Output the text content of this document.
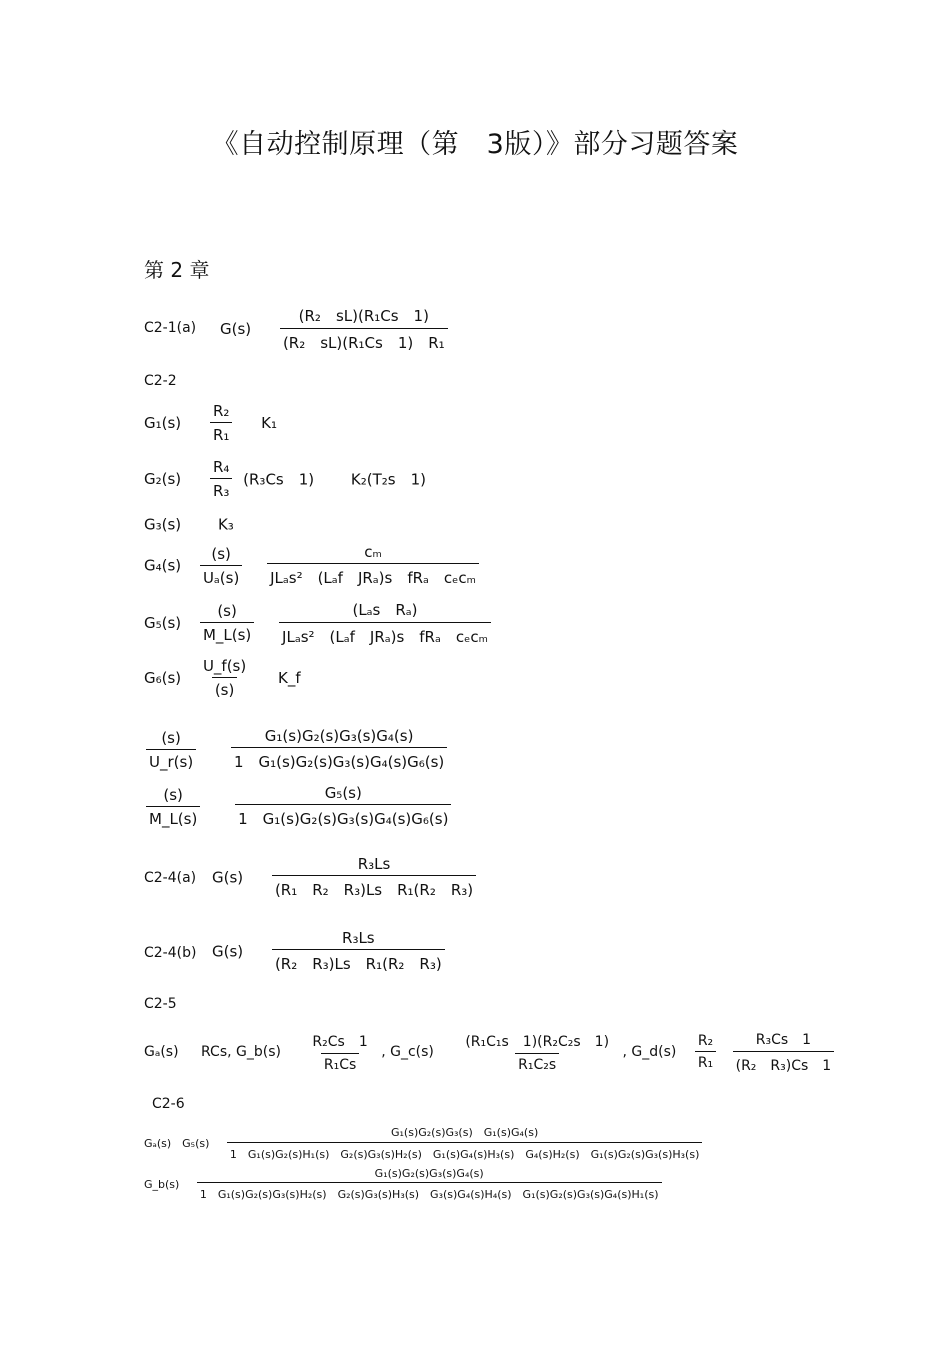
《自动控制原理（第　3版）》部分习题答案
第 2 章
C2-1(a) $G(s) \frac{\text{(R₂　sL)(R₁Cs　1)}}{\text{(R₂　sL)(R₁Cs　1)　R₁}}$
C2-2
$G_1(s) \frac{\text{R₂}}{\text{R₁}} K_1$
$G_2(s) \frac{\text{R₄}}{\text{R₃}} (R_3Cs$　1) K₂(T₂s　1)
G₃(s) K₃
$G_4(s) \frac{(s)}{\text{Uₐ(s)}}$
$\frac{\text{cₘ}}{\text{JLₐs²　(Lₐf　JRₐ)s　fRₐ　cₑcₘ}}$
$G_5(s) \frac{(s)}{M\_L(s)}$
$\frac{\text{(Lₐs　Rₐ)}}{\text{JLₐs²　(Lₐf　JRₐ)s　fRₐ　cₑcₘ}}$
$G_6(s) \frac{U\_f(s)}{(s)}$ K_f
$\frac{(s)}{U\_r(s)}$
$\frac{\text{G₁(s)G₂(s)G₃(s)G₄(s)}}{\text{1　G₁(s)G₂(s)G₃(s)G₄(s)G₆(s)}}$
$\frac{(s)}{M\_L(s)}$
$\frac{\text{G₅(s)}}{\text{1　G₁(s)G₂(s)G₃(s)G₄(s)G₆(s)}}$
C2-4(a) $G(s) \frac{\text{R₃Ls}}{\text{(R₁　R₂　R₃)Ls　R₁(R₂　R₃)}}$
C2-4(b) $G(s) \frac{\text{R₃Ls}}{\text{(R₂　R₃)Ls　R₁(R₂　R₃)}}$
C2-5
Gₐ(s) RCs, G_b(s) $\frac{\text{R₂Cs　1}}{\text{R₁Cs}}$ , G_c(s) $\frac{\text{(R₁C₁s　1)(R₂C₂s　1)}}{\text{R₁C₂s}}$ , G_d(s) $\frac{\text{R₂}}{\text{R₁}}$
$\frac{\text{R₃Cs　1}}{\text{(R₂　R₃)Cs　1}}$
C2-6
Gₐ(s)　G₅(s)
G₁(s)G₂(s)G₃(s)　G₁(s)G₄(s)
1　G₁(s)G₂(s)H₁(s)　G₂(s)G₃(s)H₂(s)　G₁(s)G₄(s)H₃(s)　G₄(s)H₂(s)　G₁(s)G₂(s)G₃(s)H₃(s)
G_b(s)
G₁(s)G₂(s)G₃(s)G₄(s)
1　G₁(s)G₂(s)G₃(s)H₂(s)　G₂(s)G₃(s)H₃(s)　G₃(s)G₄(s)H₄(s)　G₁(s)G₂(s)G₃(s)G₄(s)H₁(s)
